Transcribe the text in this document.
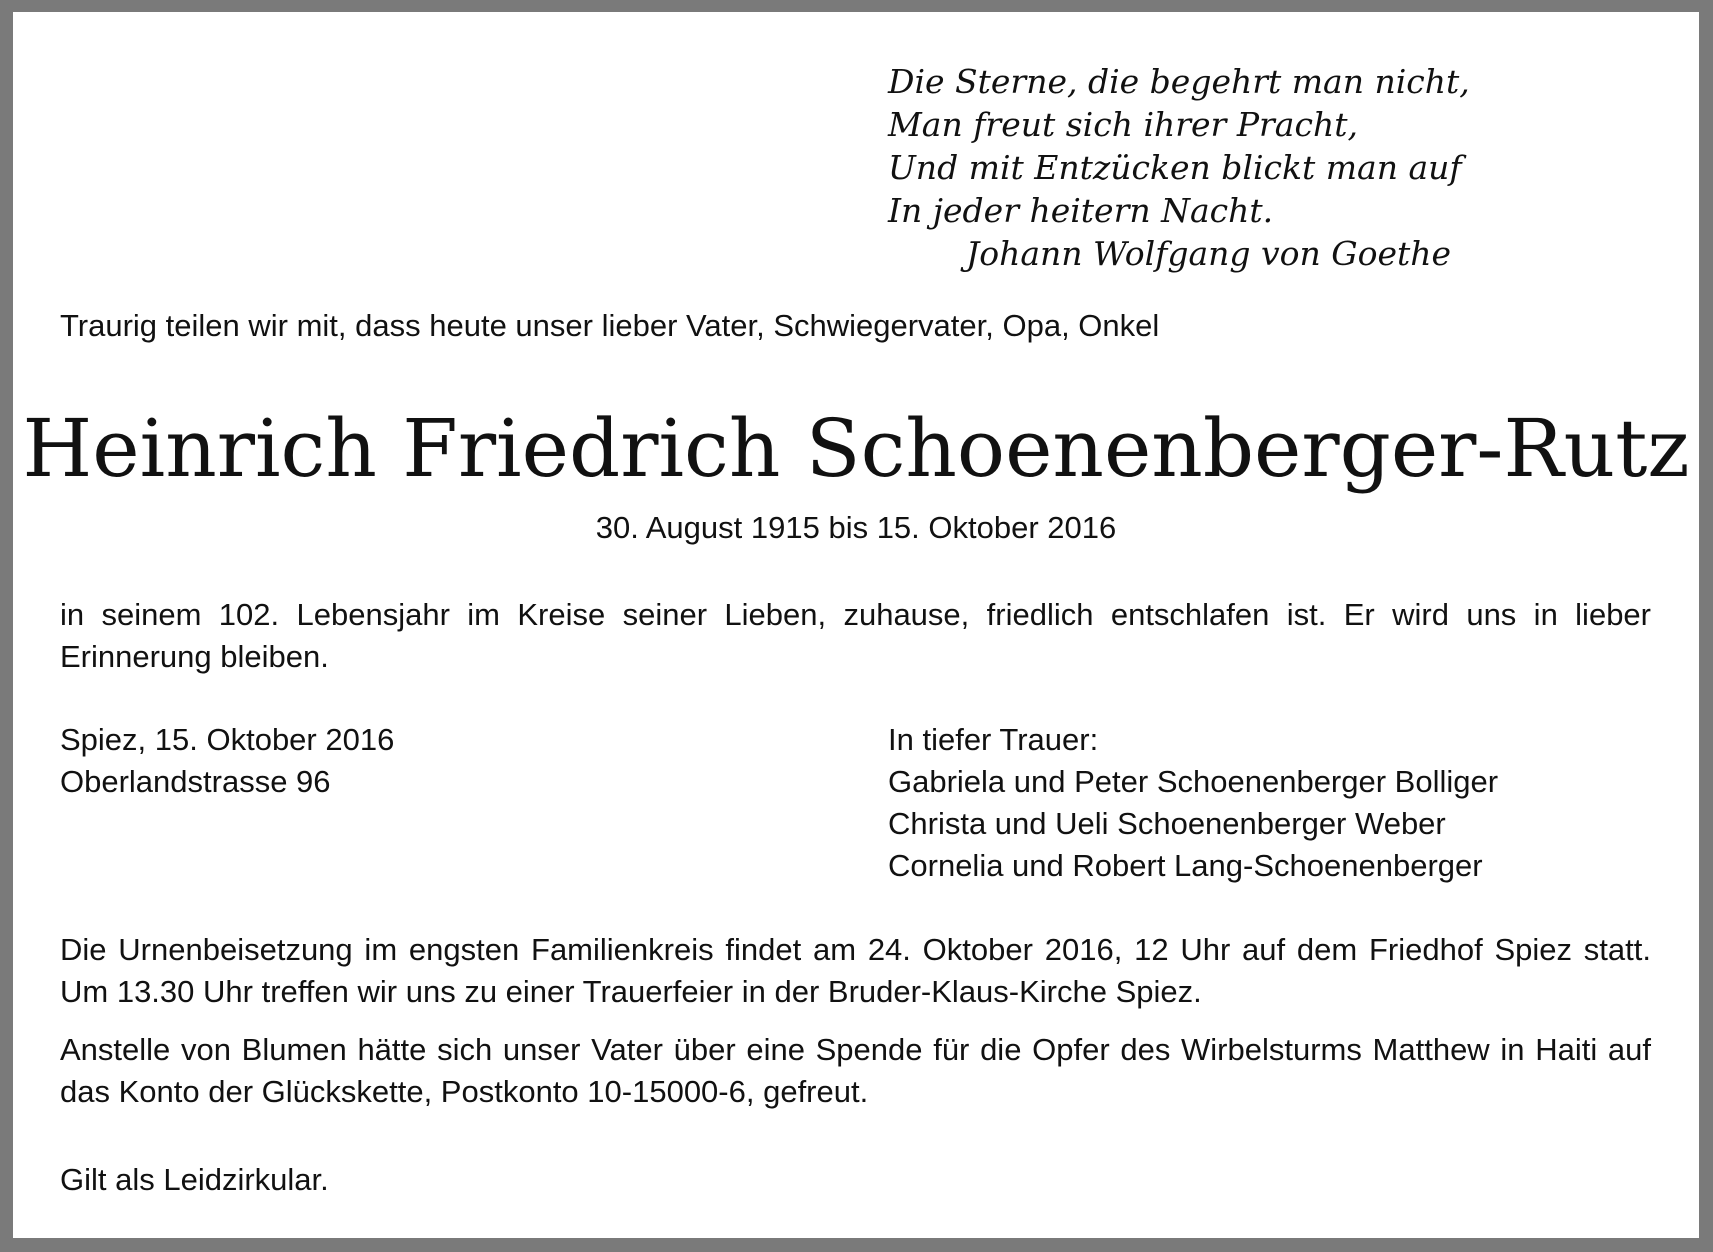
Die Sterne, die begehrt man nicht,
Man freut sich ihrer Pracht,
Und mit Entzücken blickt man auf
In jeder heitern Nacht.
Johann Wolfgang von Goethe
Traurig teilen wir mit, dass heute unser lieber Vater, Schwiegervater, Opa, Onkel
Heinrich Friedrich Schoenenberger-Rutz
30. August 1915 bis 15. Oktober 2016
in seinem 102. Lebensjahr im Kreise seiner Lieben, zuhause, friedlich entschlafen ist. Er wird uns in lieber Erinnerung bleiben.
Spiez, 15. Oktober 2016
Oberlandstrasse 96
In tiefer Trauer:
Gabriela und Peter Schoenenberger Bolliger
Christa und Ueli Schoenenberger Weber
Cornelia und Robert Lang-Schoenenberger
Die Urnenbeisetzung im engsten Familienkreis findet am 24. Oktober 2016, 12 Uhr auf dem Friedhof Spiez statt. Um 13.30 Uhr treffen wir uns zu einer Trauerfeier in der Bruder-Klaus-Kirche Spiez.
Anstelle von Blumen hätte sich unser Vater über eine Spende für die Opfer des Wirbelsturms Matthew in Haiti auf das Konto der Glückskette, Postkonto 10-15000-6, gefreut.
Gilt als Leidzirkular.
